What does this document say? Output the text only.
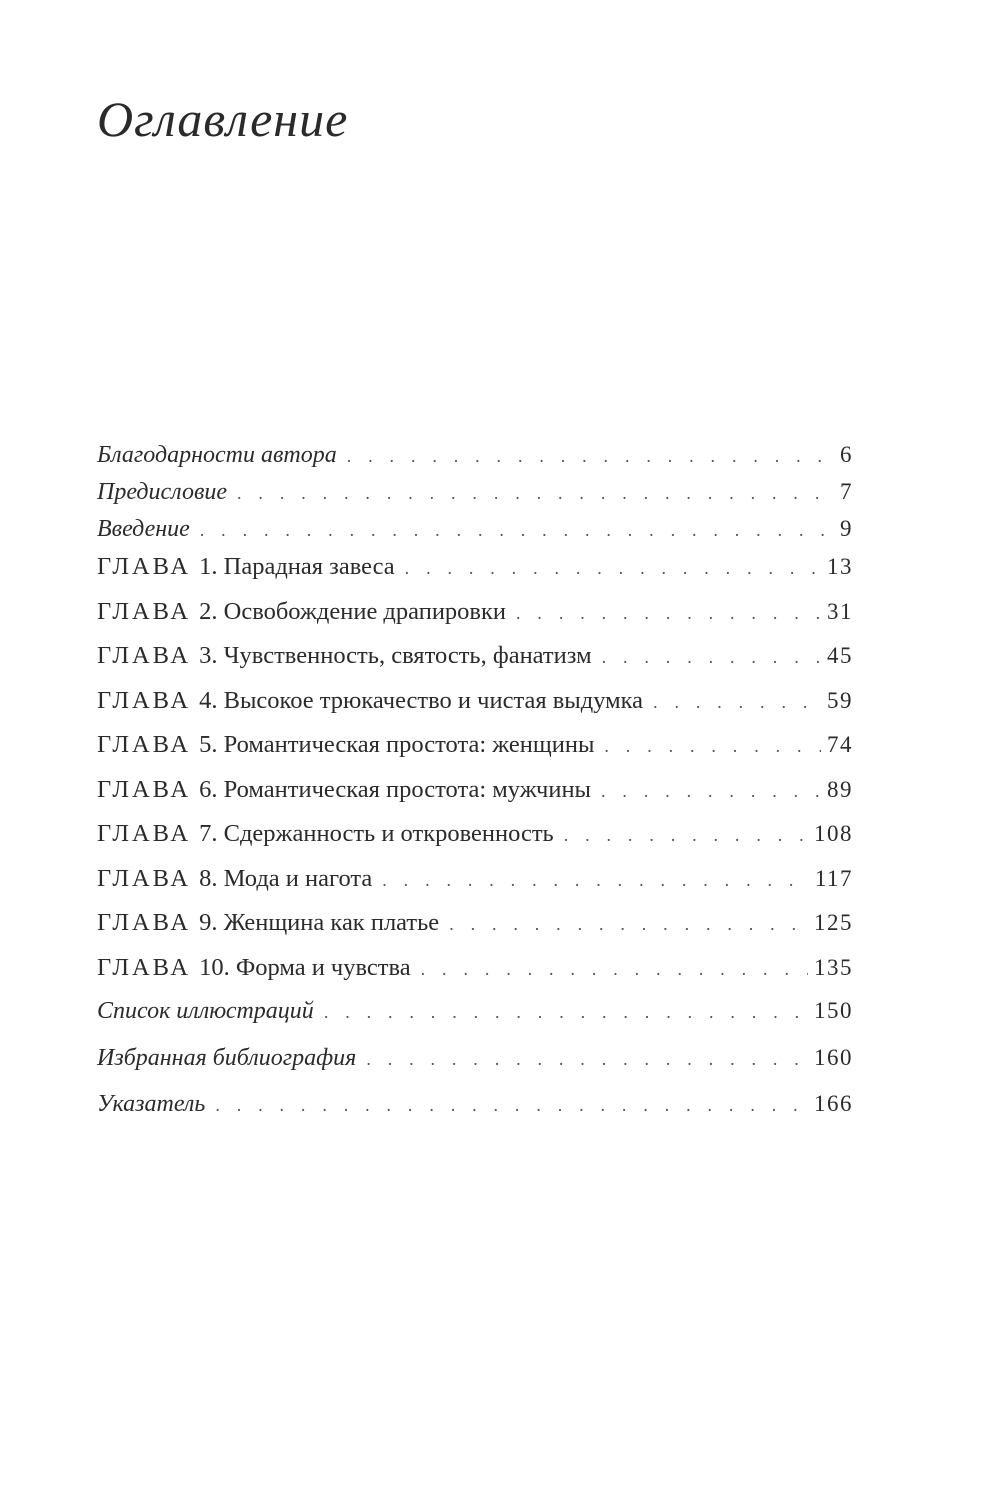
Оглавление
Благодарности автора . . .	6
Предисловие . . .	7
Введение . . .	9
ГЛАВА 1. Парадная завеса . . .	13
ГЛАВА 2. Освобождение драпировки . . .	31
ГЛАВА 3. Чувственность, святость, фанатизм . . .	45
ГЛАВА 4. Высокое трюкачество и чистая выдумка . . .	59
ГЛАВА 5. Романтическая простота: женщины . . .	74
ГЛАВА 6. Романтическая простота: мужчины . . .	89
ГЛАВА 7. Сдержанность и откровенность . . .	108
ГЛАВА 8. Мода и нагота . . .	117
ГЛАВА 9. Женщина как платье . . .	125
ГЛАВА 10. Форма и чувства . . .	135
Список иллюстраций . . .	150
Избранная библиография . . .	160
Указатель . . .	166
